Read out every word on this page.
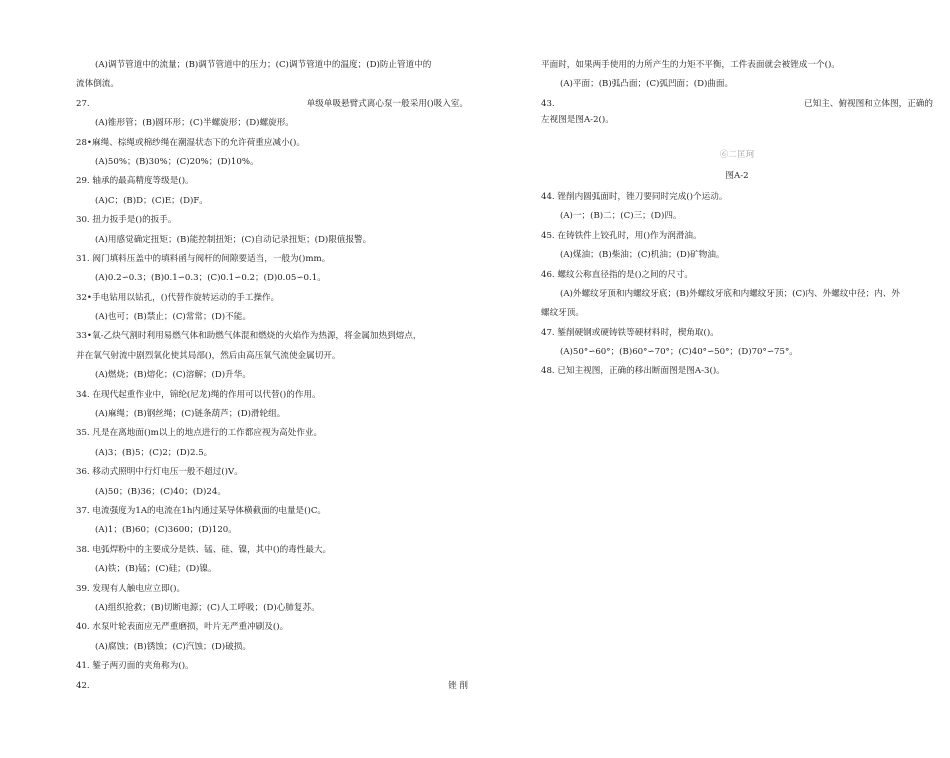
(A)调节管道中的流量；(B)调节管道中的压力；(C)调节管道中的温度；(D)防止管道中的
流体倒流。
27.	单级单吸悬臂式离心泵一般采用()吸入室。
(A)锥形管；(B)圆环形；(C)半螺旋形；(D)螺旋形。
28•麻绳、棕绳或棉纱绳在潮湿状态下的允许荷重应减小()。
(A)50%；(B)30%；(C)20%；(D)10%。
29. 轴承的最高精度等级是()。
(A)C；(B)D；(C)E；(D)F。
30. 扭力扳手是()的扳手。
(A)用感觉确定扭矩；(B)能控制扭矩；(C)自动记录扭矩；(D)限值报警。
31. 阀门填料压盖中的填料函与阀杆的间隙要适当，一般为()mm。
(A)0.2∽0.3；(B)0.1∽0.3；(C)0.1∽0.2；(D)0.05∽0.1。
32•手电钻用以钻孔，()代替作旋转运动的手工操作。
(A)也可；(B)禁止；(C)常常；(D)不能。
33•氧-乙炔气割时利用易燃气体和助燃气体混和燃烧的火焰作为热源，将金属加热到熔点，
并在氧气射流中剧烈氧化使其局部()，然后由高压氧气流使金属切开。
(A)燃烧；(B)熔化；(C)溶解；(D)升华。
34. 在现代起重作业中，锦纶(尼龙)绳的作用可以代替()的作用。
(A)麻绳；(B)钢丝绳；(C)链条葫芦；(D)滑轮组。
35. 凡是在离地面()m以上的地点进行的工作都应视为高处作业。
(A)3；(B)5；(C)2；(D)2.5。
36. 移动式照明中行灯电压一般不超过()V。
(A)50；(B)36；(C)40；(D)24。
37. 电流强度为1A的电流在1h内通过某导体横截面的电量是()C。
(A)1；(B)60；(C)3600；(D)120。
38. 电弧焊粉中的主要成分是铁、锰、硅、镍，其中()的毒性最大。
(A)铁；(B)锰；(C)硅；(D)镍。
39. 发现有人触电应立即()。
(A)组织抢救；(B)切断电源；(C)人工呼吸；(D)心肺复苏。
40. 水泵叶轮表面应无严重磨损，叶片无严重冲刷及()。
(A)腐蚀；(B)锈蚀；(C)汽蚀；(D)破损。
41. 錾子两刃面的夹角称为()。
42.	锉 削
平面时，如果两手使用的力所产生的力矩不平衡，工件表面就会被锉成一个()。
(A)平面；(B)弧凸面；(C)弧凹面；(D)曲面。
43.	已知主、俯视图和立体图，正确的
左视图是图A-2()。
⑥二匡珂
图A-2
44. 锉削内圆弧面时，锉刀要同时完成()个运动。
(A)一；(B)二；(C)三；(D)四。
45. 在铸铁件上铰孔时，用()作为润滑油。
(A)煤油；(B)柴油；(C)机油；(D)矿物油。
46. 螺纹公称直径指的是()之间的尺寸。
(A)外螺纹牙顶和内螺纹牙底；(B)外螺纹牙底和内螺纹牙顶；(C)内、外螺纹中径；内、外
螺纹牙顶。
47. 錾削硬钢或硬铸铁等硬材料时，楔角取()。
(A)50°∽60°；(B)60°∽70°；(C)40°∽50°；(D)70°∽75°。
48. 已知主视图，正确的移出断面图是图A-3()。
